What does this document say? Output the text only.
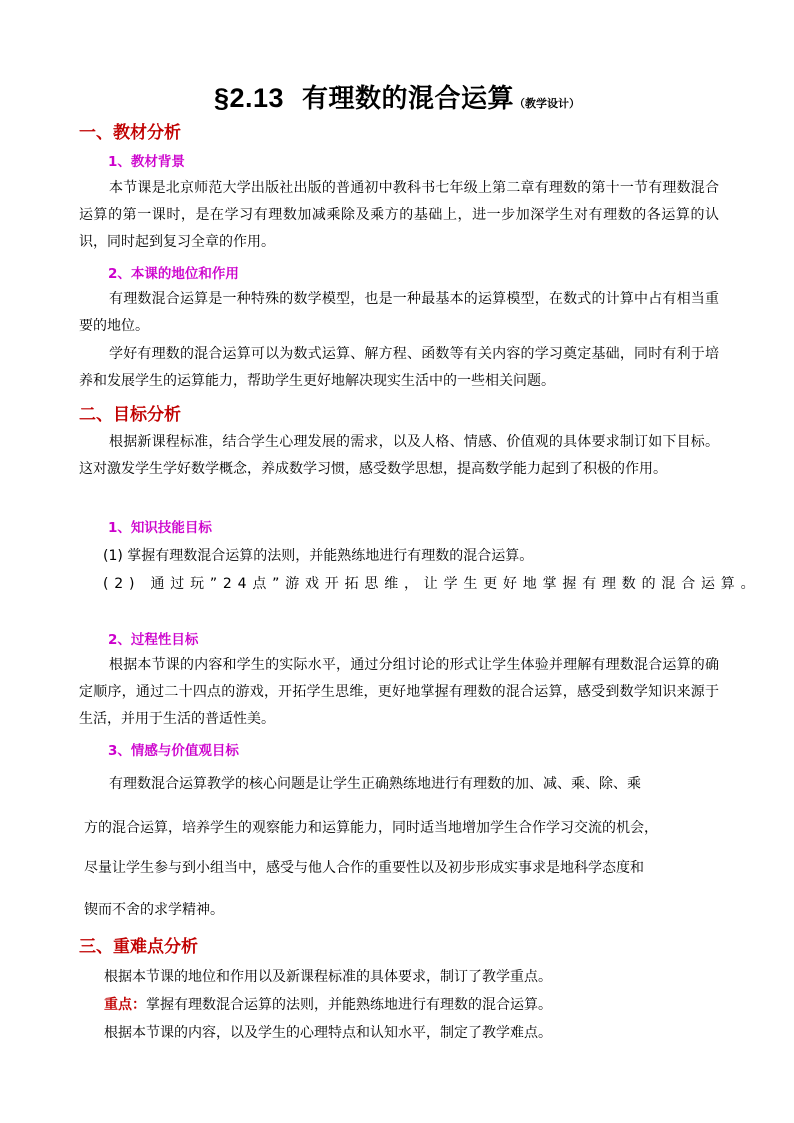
§2.13 有理数的混合运算（教学设计）
一、教材分析
1、教材背景
本节课是北京师范大学出版社出版的普通初中教科书七年级上第二章有理数的第十一节有理数混合运算的第一课时，是在学习有理数加减乘除及乘方的基础上，进一步加深学生对有理数的各运算的认识，同时起到复习全章的作用。
2、本课的地位和作用
有理数混合运算是一种特殊的数学模型，也是一种最基本的运算模型，在数式的计算中占有相当重要的地位。
学好有理数的混合运算可以为数式运算、解方程、函数等有关内容的学习奠定基础，同时有利于培养和发展学生的运算能力，帮助学生更好地解决现实生活中的一些相关问题。
二、目标分析
根据新课程标准，结合学生心理发展的需求，以及人格、情感、价值观的具体要求制订如下目标。这对激发学生学好数学概念，养成数学习惯，感受数学思想，提高数学能力起到了积极的作用。
1、知识技能目标
(1) 掌握有理数混合运算的法则，并能熟练地进行有理数的混合运算。
(2) 通过玩”24点”游戏开拓思维，让学生更好地掌握有理数的混合运算。
2、过程性目标
根据本节课的内容和学生的实际水平，通过分组讨论的形式让学生体验并理解有理数混合运算的确定顺序，通过二十四点的游戏，开拓学生思维，更好地掌握有理数的混合运算，感受到数学知识来源于生活，并用于生活的普适性美。
3、情感与价值观目标
有理数混合运算教学的核心问题是让学生正确熟练地进行有理数的加、减、乘、除、乘
方的混合运算，培养学生的观察能力和运算能力，同时适当地增加学生合作学习交流的机会，
尽量让学生参与到小组当中，感受与他人合作的重要性以及初步形成实事求是地科学态度和
锲而不舍的求学精神。
三、重难点分析
根据本节课的地位和作用以及新课程标准的具体要求，制订了教学重点。
重点：掌握有理数混合运算的法则，并能熟练地进行有理数的混合运算。
根据本节课的内容，以及学生的心理特点和认知水平，制定了教学难点。
